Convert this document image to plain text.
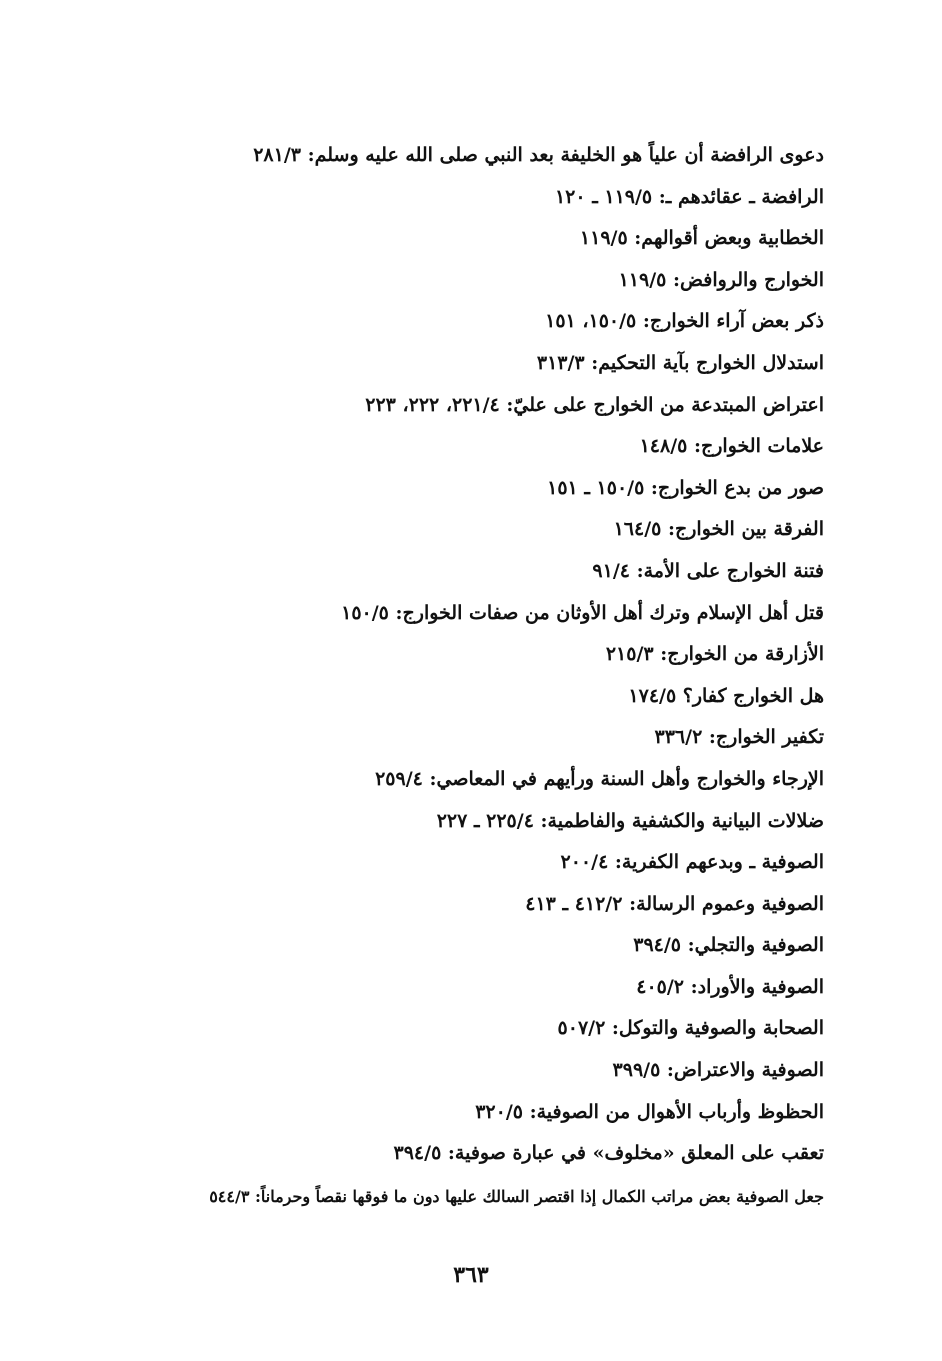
دعوى الرافضة أن علياً هو الخليفة بعد النبي صلى الله عليه وسلم: ٢٨١/٣
الرافضة ـ عقائدهم ـ: ١١٩/٥ ـ ١٢٠
الخطابية وبعض أقوالهم: ١١٩/٥
الخوارج والروافض: ١١٩/٥
ذكر بعض آراء الخوارج: ١٥٠/٥، ١٥١
استدلال الخوارج بآية التحكيم: ٣١٣/٣
اعتراض المبتدعة من الخوارج على عليّ: ٢٢١/٤، ٢٢٢، ٢٢٣
علامات الخوارج: ١٤٨/٥
صور من بدع الخوارج: ١٥٠/٥ ـ ١٥١
الفرقة بين الخوارج: ١٦٤/٥
فتنة الخوارج على الأمة: ٩١/٤
قتل أهل الإسلام وترك أهل الأوثان من صفات الخوارج: ١٥٠/٥
الأزارقة من الخوارج: ٢١٥/٣
هل الخوارج كفار؟ ١٧٤/٥
تكفير الخوارج: ٣٣٦/٢
الإرجاء والخوارج وأهل السنة ورأيهم في المعاصي: ٢٥٩/٤
ضلالات البيانية والكشفية والفاطمية: ٢٢٥/٤ ـ ٢٢٧
الصوفية ـ وبدعهم الكفرية: ٢٠٠/٤
الصوفية وعموم الرسالة: ٤١٢/٢ ـ ٤١٣
الصوفية والتجلي: ٣٩٤/٥
الصوفية والأوراد: ٤٠٥/٢
الصحابة والصوفية والتوكل: ٥٠٧/٢
الصوفية والاعتراض: ٣٩٩/٥
الحظوظ وأرباب الأهوال من الصوفية: ٣٢٠/٥
تعقب على المعلق «مخلوف» في عبارة صوفية: ٣٩٤/٥
جعل الصوفية بعض مراتب الكمال إذا اقتصر السالك عليها دون ما فوقها نقصاً وحرماناً: ٥٤٤/٣
٣٦٣
